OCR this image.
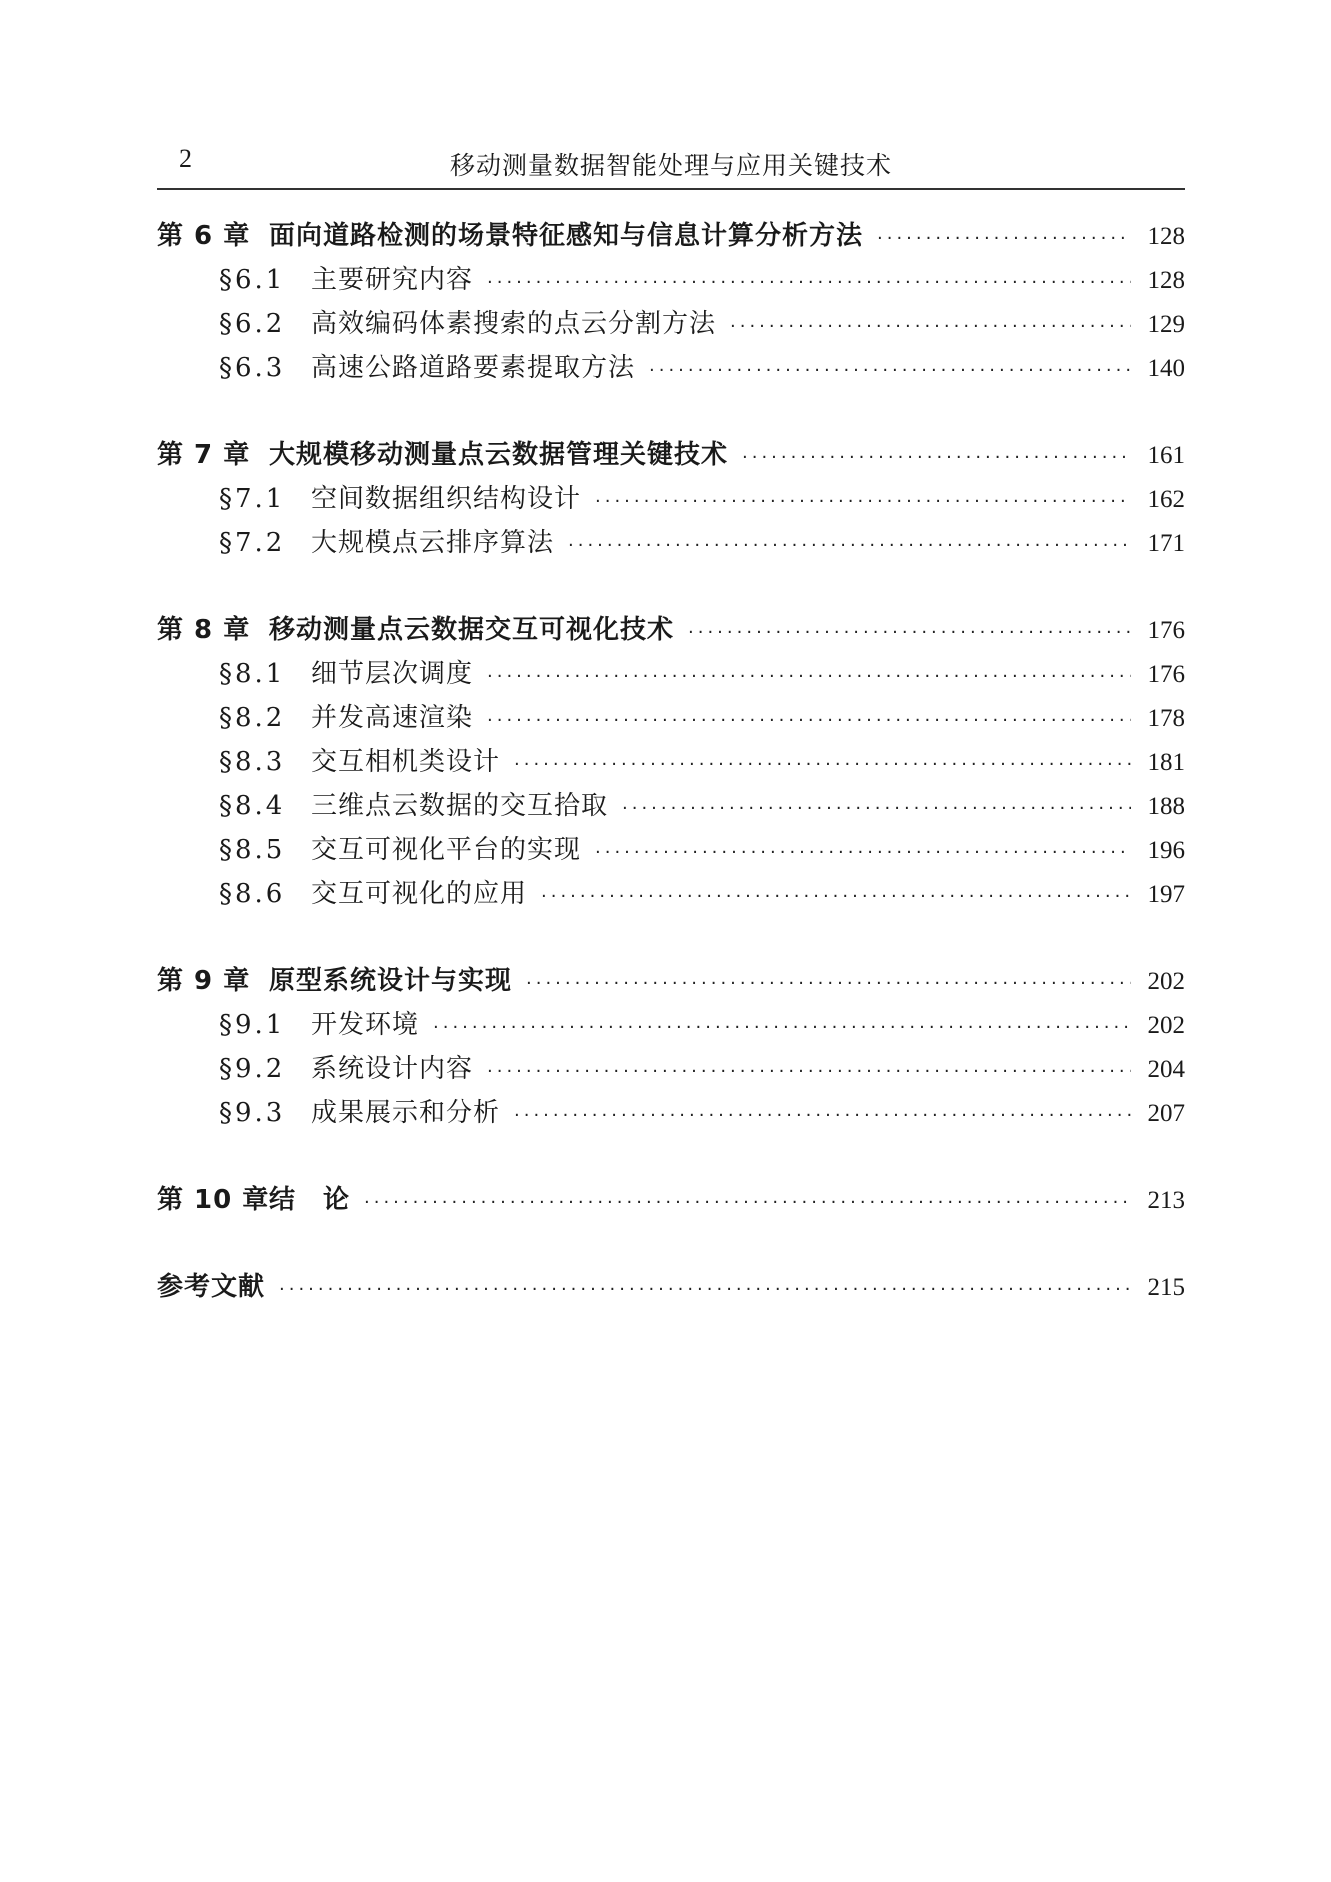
2	移动测量数据智能处理与应用关键技术
第 6 章 面向道路检测的场景特征感知与信息计算分析方法 ·····	128
§6.1 主要研究内容 ·····	128
§6.2 高效编码体素搜索的点云分割方法 ·····	129
§6.3 高速公路道路要素提取方法 ·····	140
第 7 章 大规模移动测量点云数据管理关键技术 ·····	161
§7.1 空间数据组织结构设计 ·····	162
§7.2 大规模点云排序算法 ·····	171
第 8 章 移动测量点云数据交互可视化技术 ·····	176
§8.1 细节层次调度 ·····	176
§8.2 并发高速渲染 ·····	178
§8.3 交互相机类设计 ·····	181
§8.4 三维点云数据的交互拾取 ·····	188
§8.5 交互可视化平台的实现 ·····	196
§8.6 交互可视化的应用 ·····	197
第 9 章 原型系统设计与实现 ·····	202
§9.1 开发环境 ·····	202
§9.2 系统设计内容 ·····	204
§9.3 成果展示和分析 ·····	207
第 10 章结　论 ·····	213
参考文献 ·····	215
